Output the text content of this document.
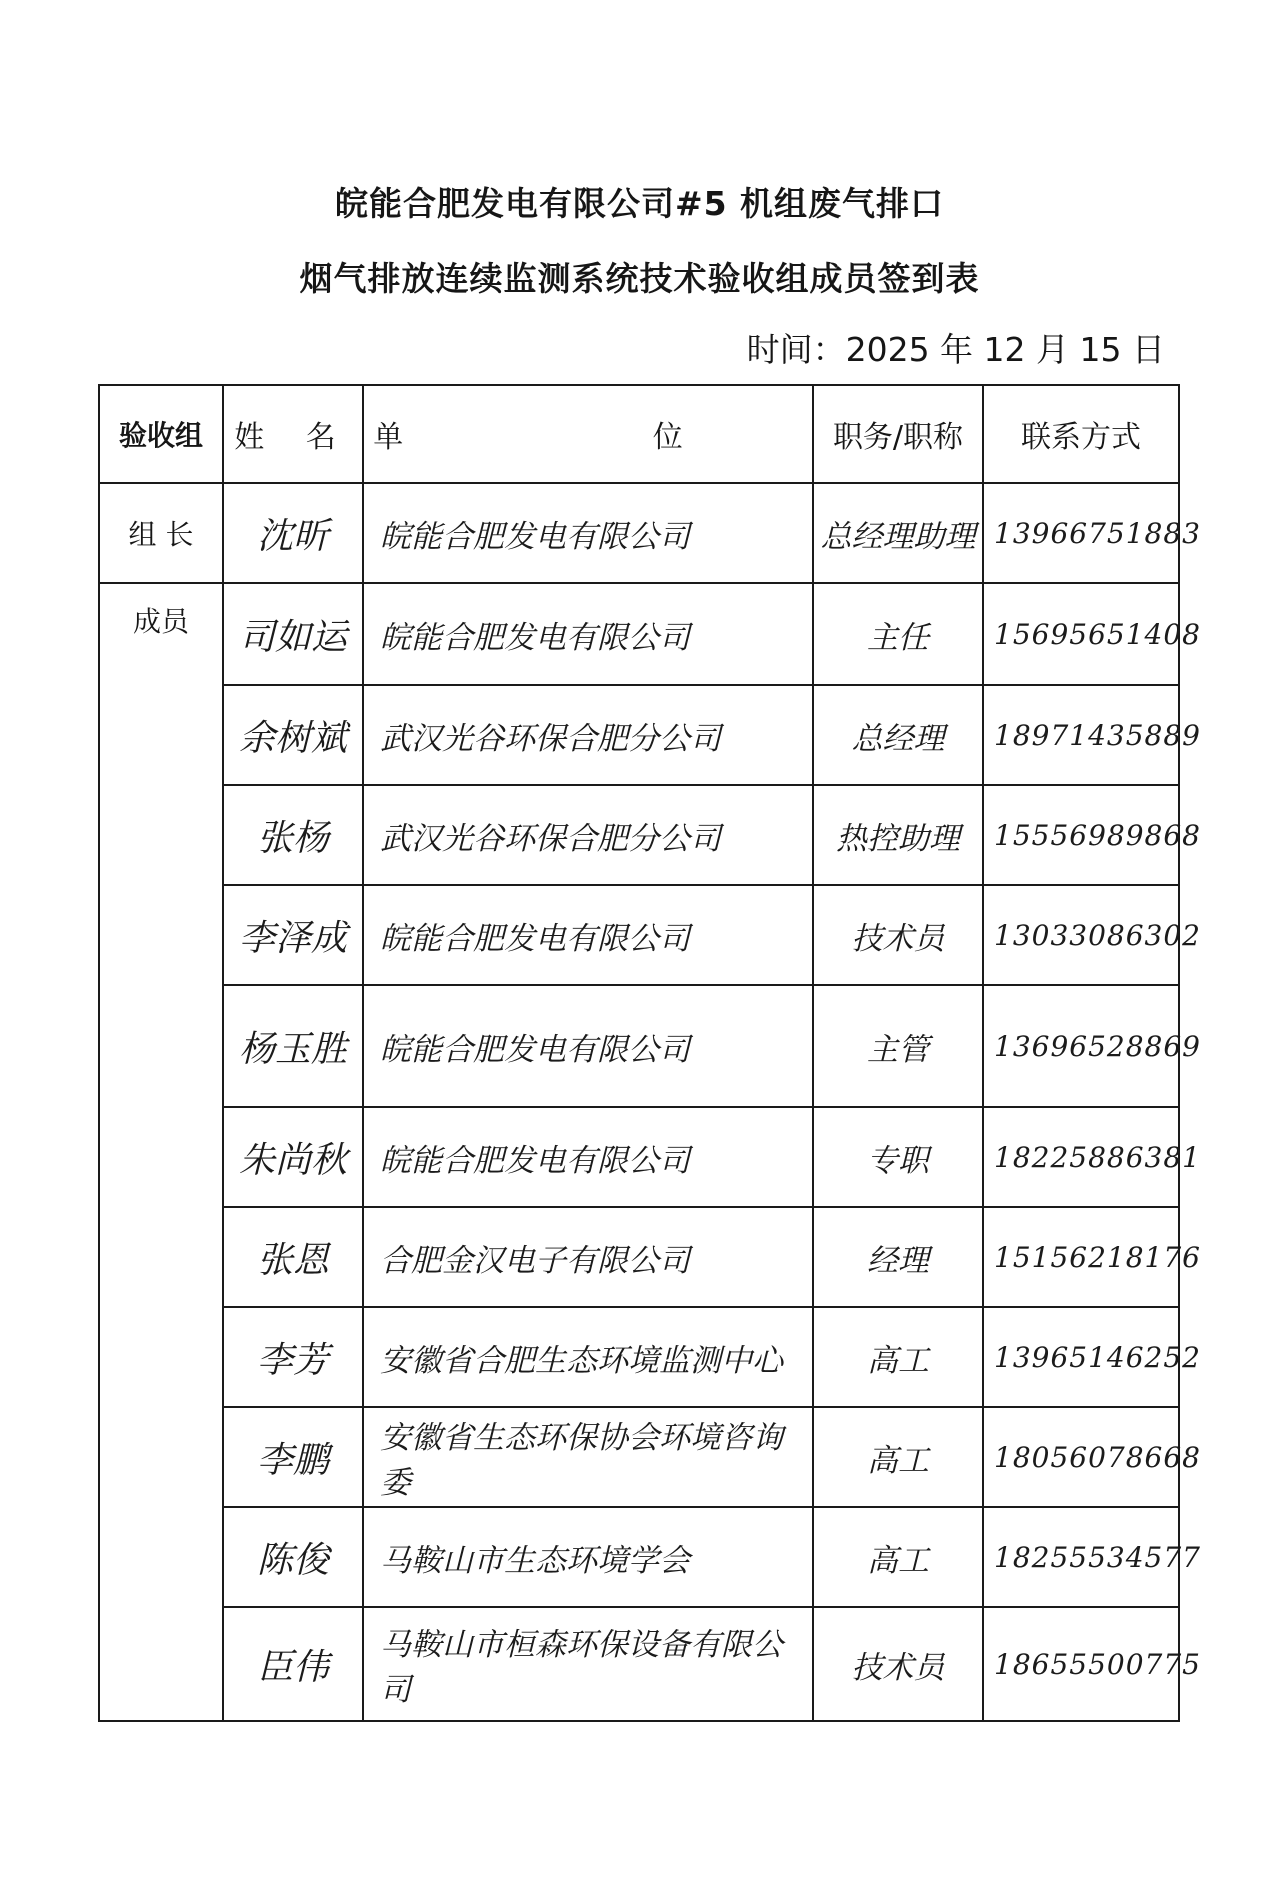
皖能合肥发电有限公司#5 机组废气排口
烟气排放连续监测系统技术验收组成员签到表
时间：2025 年 12 月 15 日
验收组	姓 名	单 位	职务/职称	联系方式
组 长	沈昕	皖能合肥发电有限公司	总经理助理	13966751883
成员	司如运	皖能合肥发电有限公司	主任	15695651408
	余树斌	武汉光谷环保合肥分公司	总经理	18971435889
	张杨	武汉光谷环保合肥分公司	热控助理	15556989868
	李泽成	皖能合肥发电有限公司	技术员	13033086302
	杨玉胜	皖能合肥发电有限公司	主管	13696528869
	朱尚秋	皖能合肥发电有限公司	专职	18225886381
	张恩	合肥金汉电子有限公司	经理	15156218176
	李芳	安徽省合肥生态环境监测中心	高工	13965146252
	李鹏	安徽省生态环保协会环境咨询委	高工	18056078668
	陈俊	马鞍山市生态环境学会	高工	18255534577
	臣伟	马鞍山市桓森环保设备有限公司	技术员	18655500775
